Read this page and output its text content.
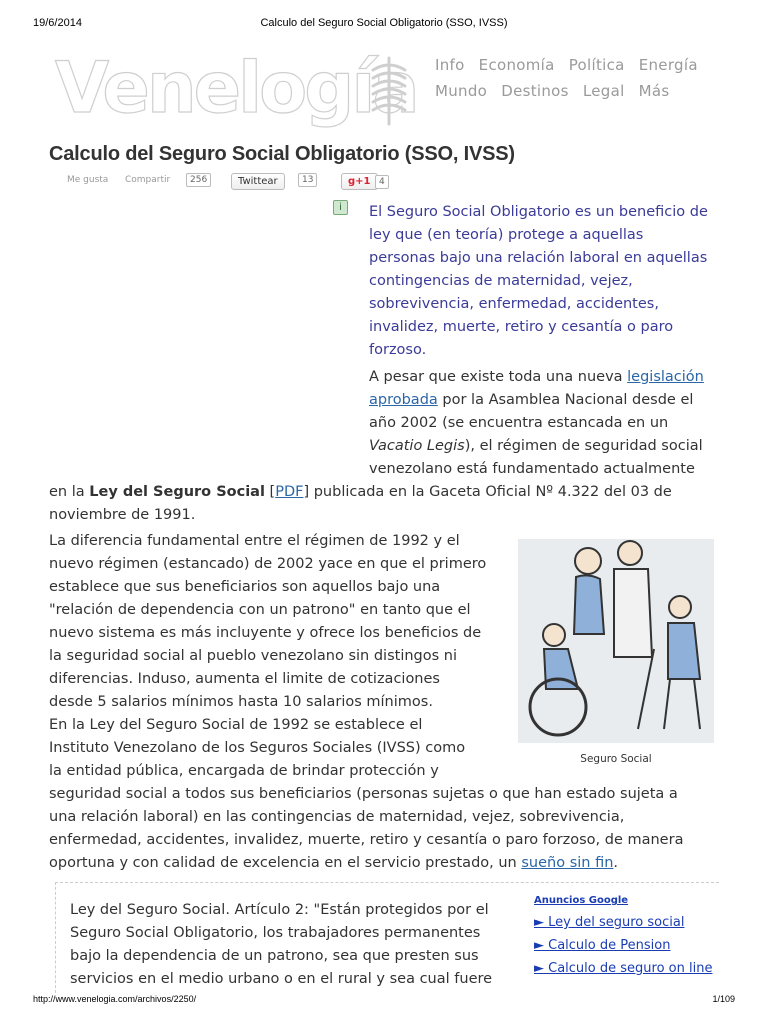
19/6/2014	Calculo del Seguro Social Obligatorio (SSO, IVSS)
Venelogía Info Economía Política Energía
Mundo Destinos Legal Más
Calculo del Seguro Social Obligatorio (SSO, IVSS)
Me gusta Compartir	256	Twittear	13	g+1 4
i	El Seguro Social Obligatorio es un beneficio de
ley que (en teoría) protege a aquellas
personas bajo una relación laboral en aquellas
contingencias de maternidad, vejez,
sobrevivencia, enfermedad, accidentes,
invalidez, muerte, retiro y cesantía o paro
forzoso.
A pesar que existe toda una nueva legislación
aprobada por la Asamblea Nacional desde el
año 2002 (se encuentra estancada en un
Vacatio Legis), el régimen de seguridad social
venezolano está fundamentado actualmente
en la Ley del Seguro Social [PDF] publicada en la Gaceta Oficial Nº 4.322 del 03 de
noviembre de 1991.
La diferencia fundamental entre el régimen de 1992 y el
nuevo régimen (estancado) de 2002 yace en que el primero
establece que sus beneficiarios son aquellos bajo una
"relación de dependencia con un patrono" en tanto que el
nuevo sistema es más incluyente y ofrece los beneficios de
la seguridad social al pueblo venezolano sin distingos ni
diferencias. Induso, aumenta el limite de cotizaciones
desde 5 salarios mínimos hasta 10 salarios mínimos.
Seguro Social
En la Ley del Seguro Social de 1992 se establece el
Instituto Venezolano de los Seguros Sociales (IVSS) como
la entidad pública, encargada de brindar protección y
seguridad social a todos sus beneficiarios (personas sujetas o que han estado sujeta a
una relación laboral) en las contingencias de maternidad, vejez, sobrevivencia,
enfermedad, accidentes, invalidez, muerte, retiro y cesantía o paro forzoso, de manera
oportuna y con calidad de excelencia en el servicio prestado, un sueño sin fin.
Ley del Seguro Social. Artículo 2: "Están protegidos por el
Seguro Social Obligatorio, los trabajadores permanentes
bajo la dependencia de un patrono, sea que presten sus
servicios en el medio urbano o en el rural y sea cual fuere
Anuncios Google
► Ley del seguro social
► Calculo de Pension
► Calculo de seguro on line
http://www.venelogia.com/archivos/2250/	1/109
